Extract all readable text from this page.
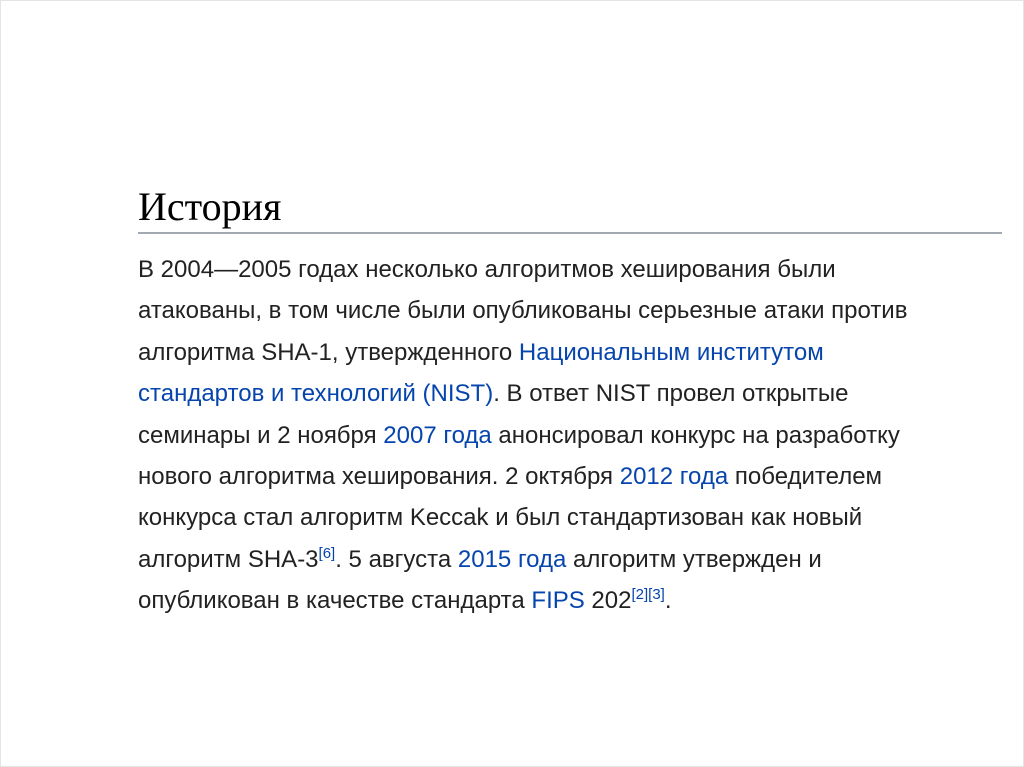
История
В 2004—2005 годах несколько алгоритмов хеширования были
атакованы, в том числе были опубликованы серьезные атаки против
алгоритма SHA-1, утвержденного Национальным институтом
стандартов и технологий (NIST). В ответ NIST провел открытые
семинары и 2 ноября 2007 года анонсировал конкурс на разработку
нового алгоритма хеширования. 2 октября 2012 года победителем
конкурса стал алгоритм Keccak и был стандартизован как новый
алгоритм SHA-3[6]. 5 августа 2015 года алгоритм утвержден и
опубликован в качестве стандарта FIPS 202[2][3].
